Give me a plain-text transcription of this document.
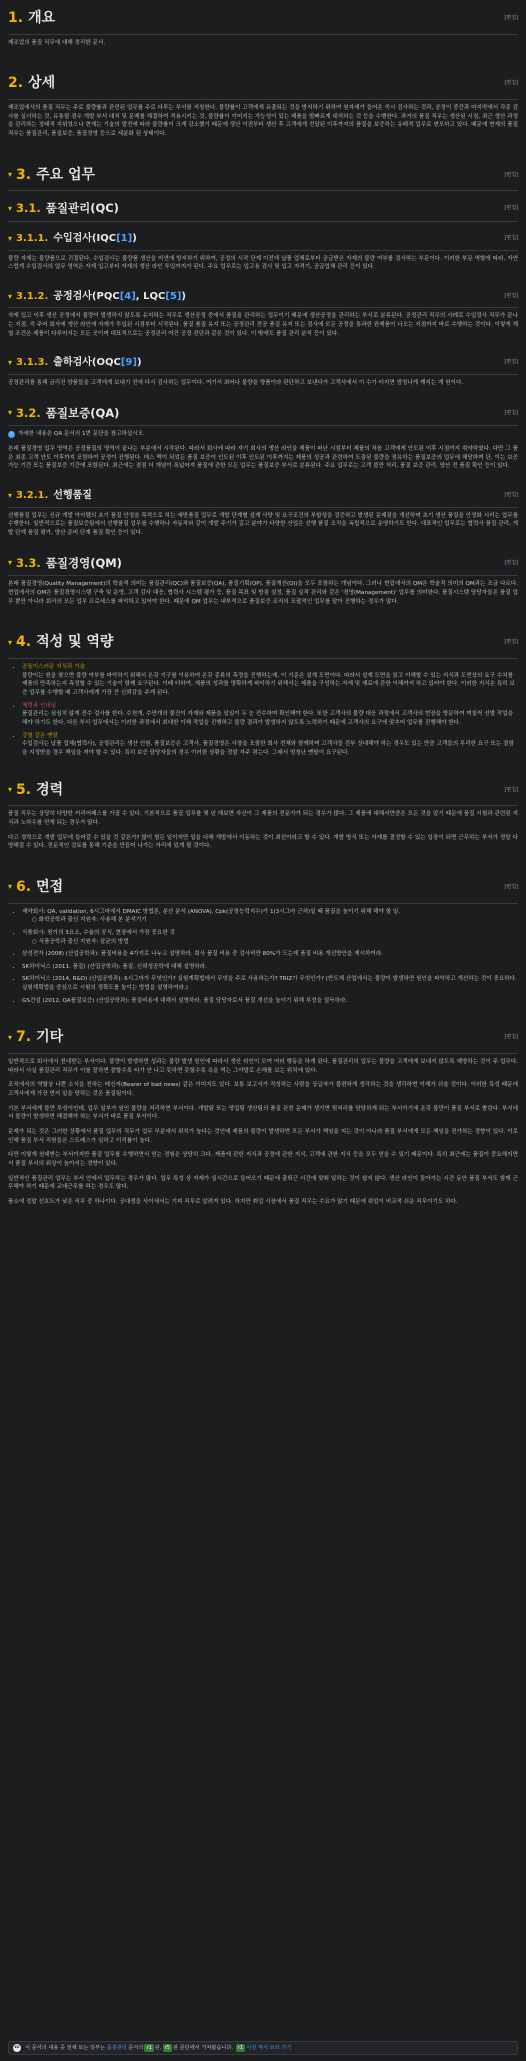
1. 개요	[편집]
제조업의 품질 직무에 대해 정리한 문서.
2. 상세	[편집]
제조업에서의 품질 직무는 주로 불량률과 관련된 업무를 주로 다루는 부서를 지칭한다. 불량률이 고객에게 유출되는 것을 방지하기 위하여 원자재가 들어온 즉시 검사하는 것과, 공정이 중간과 마지막에서 각종 검사를 실시하는 것, 유통될 경우 개발 부서 대처 및 문제를 해결하여 적용시키는 것, 불량률이 이어지는 가능성이 있는 제품을 발빠르게 대처하는 것 등을 수행한다. 과거의 품질 직무는 생산된 시점, 최근 생산 과정을 관리하는 정태적 지위였으나 현재는 기술의 발전에 따라 불량률이 크게 감소했기 때문에 생산 이전부터 생산 후 고객에게 전달된 이후까지의 품질을 보증하는 유태적 업무로 변모하고 있다. 때문에 현재의 품질직무는 품질관리, 품질보증, 품질경영 등으로 세분화 된 상태이다.
▾ 3. 주요 업무	[편집]
▾ 3.1. 품질관리(QC)	[편집]
▾ 3.1.1. 수입검사(IQC [1] )	[편집]
불량 자재는 불량품으로 귀결된다. 수입검사는 불량품 생산을 미연에 방지하기 위하여, 공정의 시작 단계 이전에 납품 업체로부터 공급받은 자재의 불량 여부를 검사하는 부문이다. 이러한 부문 역할에 따라, 자연스럽게 수입검사의 업무 영역은 자재 입고부터 자재의 생산 라인 투입까지가 된다. 주요 업무로는 입고용 검사 및 입고 자격기, 공급업체 관리 등이 있다.
▾ 3.1.2. 공정검사(PQC [4] , LQC [5] )	[편집]
자재 입고 이후 생산 공정에서 불량이 발생하지 않도록 유지하는 직무로 생산공정 중에서 품질을 관리하는 업무이기 때문에 생산공정을 관리하는 부서로 분류된다. 공정관리 직무의 사례로 수입검사 직무가 끝나는 지점, 즉 주어 회사에 생산 라인에 자재가 투입된 시점부터 시작된다. 품질 품질 유지 또는 공정관리 전공 품질 유지 또는 검사에 모든 공정을 통과한 완제품이 나오는 지점까지 바로 수행하는 것이다. 이렇게 계열 조건은 제품이 다루어지는 모든 곳이며 대표적으로는 공정관리 여건 공정 진단과 같은 것이 있다. 이 밖에도 품질 관리 분석 등이 있다.
▾ 3.1.3. 출하검사(OQC [9] )	[편집]
공정관리를 통해 금리진 양품들을 고객에게 보내기 전에 다시 검사하는 업무이다. 여기서 최어나 불량을 양품이라 판단하고 보낸다가 고객사에서 이 수가 터지면 엄청나게 깨지는 게 원이다.
▾ 3.2. 품질보증(QA)	[편집]
i	자세한 내용은 QA 문서의 1번 문단을 참고하십시오.
본래 품질경영 업무 영역은 공정품질의 영역이 끝나는 부분에서 시작된다. 따라서 회사에 따라 자기 회사의 생산 라인을 제품이 떠난 시점부터 제품의 처음 고객에게 안도된 이후 시점까지 취약하였다. 다만 그 품은 최종 고객 안도 이후까지 포함하여 공정이 진행된다. 데스 멕이 되었든 품질 보증이 인도된 이후 인도된 이후까지는 제품의 성공과 관련하여 도출된 불량을 점유하는 품질보증의 업무에 해당하며 단, 이는 보증 가능 기간 또는 품질보증 기간에 포함된다. 최근에는 점점 더 개념이 폭넓어져 품질에 관한 모든 업무는 품질보증 부서로 분류된다. 주요 업무로는 고객 불만 처리, 품질 보증 관리, 양산 전 품질 확인 등이 있다.
▾ 3.2.1. 선행품질	[편집]
선행품질 업무는 신규 개발 아이템의 초기 품질 안정을 목적으로 하는 예방품질 업무로 개발 단계별 설계 사양 및 요구조건의 부합성을 검증하고 발생된 문제점을 개선하며 초기 생산 품질을 안정화 시키는 업무를 수행한다. 일반적으로는 품질보증팀에서 선행품질 업무를 수행하나 자동차와 같이 개발 주기가 길고 분야가 다양한 산업은 선행 품질 조직을 독립적으로 운영하기도 한다. 대표적인 업무로는 협력사 품질 관리, 개발 단계 품질 평가, 양산 준비 단계 품질 확인 등이 있다.
▾ 3.3. 품질경영(QM)	[편집]
본래 품질경영(Quality Management)의 학술적 의미는 품질관리(QC)와 품질보증(QA), 품질기획(QP), 품질개선(QI)을 모두 포함하는 개념이다. 그러나 현업에서의 QM은 학술적 의미의 QM과는 조금 다르다. 현업에서의 QM은 품질경영시스템 구축 및 운영, 고객 감사 대응, 협력사 시스템 평가 등, 품질 목표 및 방침 설정, 품질 실적 관리와 같은 '경영(Management)' 업무를 의미한다. 품질시스템 담당자들은 품질 업무 뿐만 아니라 회사의 모든 업무 프로세스를 파악하고 있어야 한다. 때문에 QM 업무는 내부적으로 품질보증 조직의 포괄적인 업무를 맡아 진행하는 경우가 많다.
▾ 4. 적성 및 역량	[편집]
• 공돌이스러운 지식과 기술
불량이는 원을 찾으면 불량 여부를 파악하기 위해서 온갖 기구를 이용하여 온갖 종류의 측정을 진행하는데, 이 기준은 설계 도면이다. 따라서 설계 도면을 읽고 이해할 수 있는 지식과 도면상의 요구 수치를 제품의 만족하는지 측정할 수 있는 기술이 함께 요구된다. 이때 더하여, 제품의 성과를 명확하게 파악하기 위해서는 제품을 구성하는 자재 및 재료에 관한 이해까지 하고 있어야 한다. 이러한 지식은 특히 보증 업무를 수행할 때 고객사에게 가장 큰 신뢰감을 주게 된다.
• 체력과 인내심
품질관리는 심심치 않게 전수 검사를 한다. 수천개, 수만개의 물건이 자재와 제품을 일일이 두 눈 전수하며 확인해야 한다. 또한 고객사의 불량 대응 과정에서 고객사의 현장을 방문하여 며칠씩 선별 작업을 해야 하기도 한다. 다른 부서 업무에서는 이러한 과정에서 최대한 이해 작업을 진행하고 불량 결과가 발생하지 않도록 노력하기 때문에 고객사의 요구에 맞추어 업무를 진행해야 한다.
• 강철 같은 멘탈
수입검사는 납품 업체(협력사), 공정관리는 생산 인원, 품질보증은 고객사, 품질경영은 사장을 포함한 회사 전체와 함께하며 고객사들 전부 상대해야 하는 경우도 있는 만큼 고객들의 무리한 요구 또는 결함을 지정받을 경우 책임을 져야 할 수 있다. 특히 보증 담당자들의 경우 이러한 상황을 정말 자주 겪는다. 그래서 엄청난 멘탈이 요구된다.
▾ 5. 경력	[편집]
품질 직무는 상당히 다양한 커리어패스를 가질 수 있다. 기본적으로 품질 업무를 몇 년 해보면 자신이 그 제품의 전문가가 되는 경우가 많다. 그 제품에 대해서만큼은 모든 것을 알기 때문에 품질 시험과 관련된 지식과 노하우를 얻게 되는 경우가 많다.
다고 경력으로 개발 업무에 들어갈 수 있을 것 같은가? 많이 힘든 일이지만 일을 다해 개발에서 이동하는 것이 최선이라고 할 수 있다. 개발 방식 또는 자재를 결정할 수 있는 입장이 되면 근무하는 부서가 정말 다양해질 수 있다. 전문적인 검토를 통해 기준을 만들어 나가는 자리에 있게 될 것이다.
▾ 6. 면접	[편집]
• 제약회사: QA, validation, 6시그마에서 DMAIC 방법론, 분산 분석 (ANOVA), Cpk(공정능력지수)가 1(3시그마 근처)일 때 품질을 높이기 위해 해야 할 일.
○ 화학공학과 출신 지원자: 사용해 본 분석기기
• 식품회사: 원가의 3요소, 수율의 공식, 현장에서 가장 중요한 것
○ 식품공학과 출신 지원자: 살균의 방법
• 삼성전자 (2008) (산업공학과): 품질비용을 4가지로 나누고 설명하라. 회사 품질 비용 중 검사비만 80%가 드는데 품질 비용 개선방안을 제시하여라.
• SK하이닉스 (2011, 품질) (산업공학과): 품질, 신뢰성공학에 대해 설명하라.
• SK하이닉스 (2014, R&D) (산업공학과): 6시그마가 무엇인가? 실험계획법에서 무엇을 주로 사용하는가? TRIZ가 무엇인가? (반도체 산업에서는 불량이 발생하면 원인을 파악하고 개선하는 것이 중요하다. 실험계획법을 중심으로 시험의 정확도를 높이는 방법을 설명하여라.)
• GS건설 (2012, QA품질보증) (산업공학과): 품질비용에 대해서 설명하라. 품질 담당자로서 품질 개선을 높이기 위해 부정을 설득하라.
▾ 7. 기타	[편집]
일반적으로 회사에서 천대받는 부서이다. 불량이 발생하면 성과는 불량 발생 원인에 따라서 생산 라인이 모여 여러 행동을 하게 된다. 품질관리의 업무는 불량을 고객에게 보내지 않도록 예방하는 것이 주 업무다. 따라서 사실 품질관리 직무가 이를 잘하면 잘할수록 티가 안 나고 못하면 못할수록 욕을 먹는 그야말로 손해를 보는 위치에 있다.
조직에서의 역할상 나쁜 소식을 전하는 메신저(Bearer of bad news) 같은 이미지도 있다. 보통 보고서가 작성하는 사람을 상급자가 불편하게 생각하는 것을 생각하면 이해가 쉬울 것이다. 이러한 특성 때문에 고객사에게 가장 먼저 일을 당하는 것은 품질팀이다.
기본 부서에게 불만 투성이인데, 업무 일부가 원인 불량을 처리하면 부서이다. 개발팀 또는 영업팀 생산팀의 품질 관련 문제가 생기면 뒷처리를 담당하게 되는 부서이기에 온갖 불만이 품질 부서로 쏠린다. 부서에서 불량이 발생하면 해결해야 하는 부서가 바로 품질 부서이다.
문제가 되는 것은 그러한 상황에서 품질 업무의 직무가 업무 부분에서 위치가 높다는 것인데 제품의 불량이 발생하면 모든 부서가 책임을 지는 것이 아니라 품질 부서에게 모든 책임을 전가하는 경향이 있다. 이로 인해 품질 부서 직원들은 스트레스가 심하고 이직률이 높다.
다만 이렇게 천대받는 부서이지만 품질 업무를 수행하면서 얻는 경험은 상당히 크다. 제품에 관한 지식과 공정에 관한 지식, 고객에 관한 지식 등을 모두 얻을 수 있기 때문이다. 특히 최근에는 품질이 중요해지면서 품질 부서의 위상이 높아지는 경향이 있다.
일반적인 품질관리 업무는 부서 안에서 업무하는 경우가 많다. 업무 특성 상 자재가 실시간으로 들어오기 때문에 출퇴근 시간에 맞춰 일하는 것이 쉽지 않다. 생산 라인이 돌아가는 시간 동안 품질 부서도 함께 근무해야 하기 때문에 교대근무를 하는 경우도 많다.
품소에 정말 선호도가 낮은 직무 중 하나이다. 공대생들 사이에서는 기피 직무로 알려져 있다. 하지만 취업 시장에서 품질 직무는 수요가 많기 때문에 취업이 비교적 쉬운 직무이기도 하다.
cc 이 문서의 내용 중 전체 또는 일부는
품질관리
문서의 r1 판, r5 판 문단에서 가져왔습니다.
r1 이전 역사 보러 가기
